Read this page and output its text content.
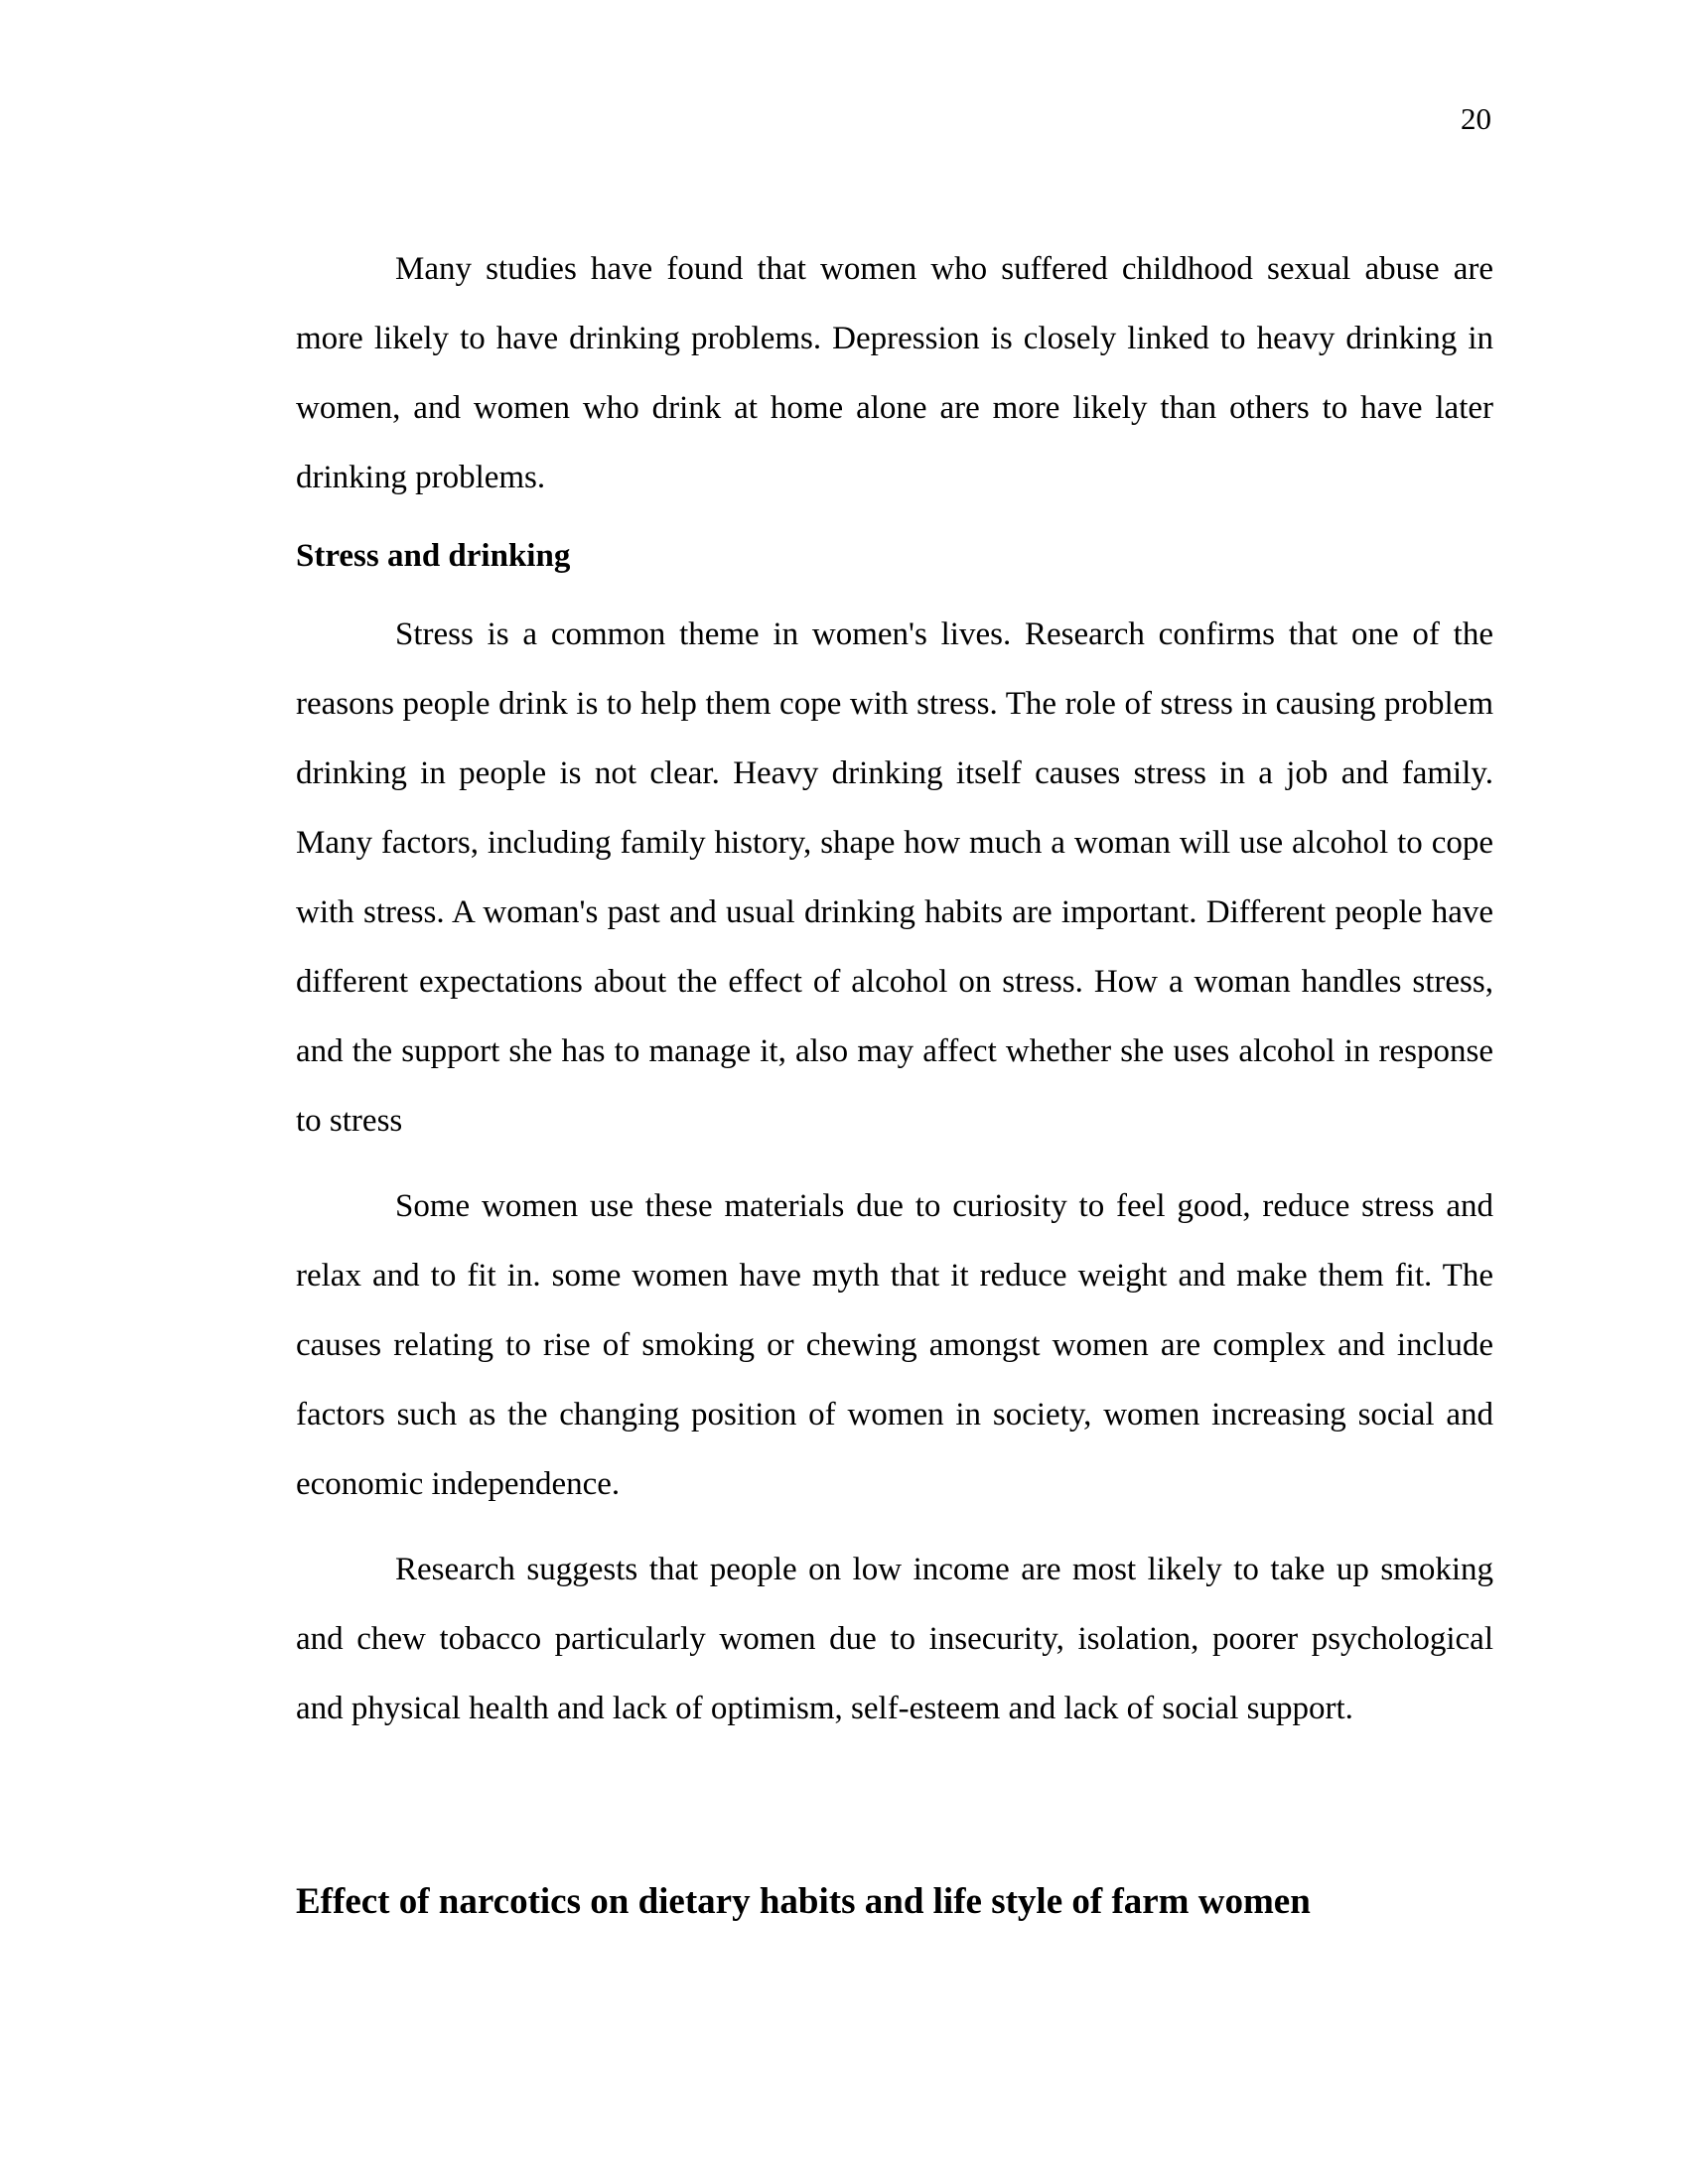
20

Many studies have found that women who suffered childhood sexual abuse are more likely to have drinking problems. Depression is closely linked to heavy drinking in women, and women who drink at home alone are more likely than others to have later drinking problems.

Stress and drinking

Stress is a common theme in women's lives. Research confirms that one of the reasons people drink is to help them cope with stress. The role of stress in causing problem drinking in people is not clear. Heavy drinking itself causes stress in a job and family. Many factors, including family history, shape how much a woman will use alcohol to cope with stress. A woman's past and usual drinking habits are important. Different people have different expectations about the effect of alcohol on stress. How a woman handles stress, and the support she has to manage it, also may affect whether she uses alcohol in response to stress

Some women use these materials due to curiosity to feel good, reduce stress and relax and to fit in. some women have myth that it reduce weight and make them fit. The causes relating to rise of smoking or chewing amongst women are complex and include factors such as the changing position of women in society, women increasing social and economic independence.

Research suggests that people on low income are most likely to take up smoking and chew tobacco particularly women due to insecurity, isolation, poorer psychological and physical health and lack of optimism, self-esteem and lack of social support.

Effect of narcotics on dietary habits and life style of farm women
